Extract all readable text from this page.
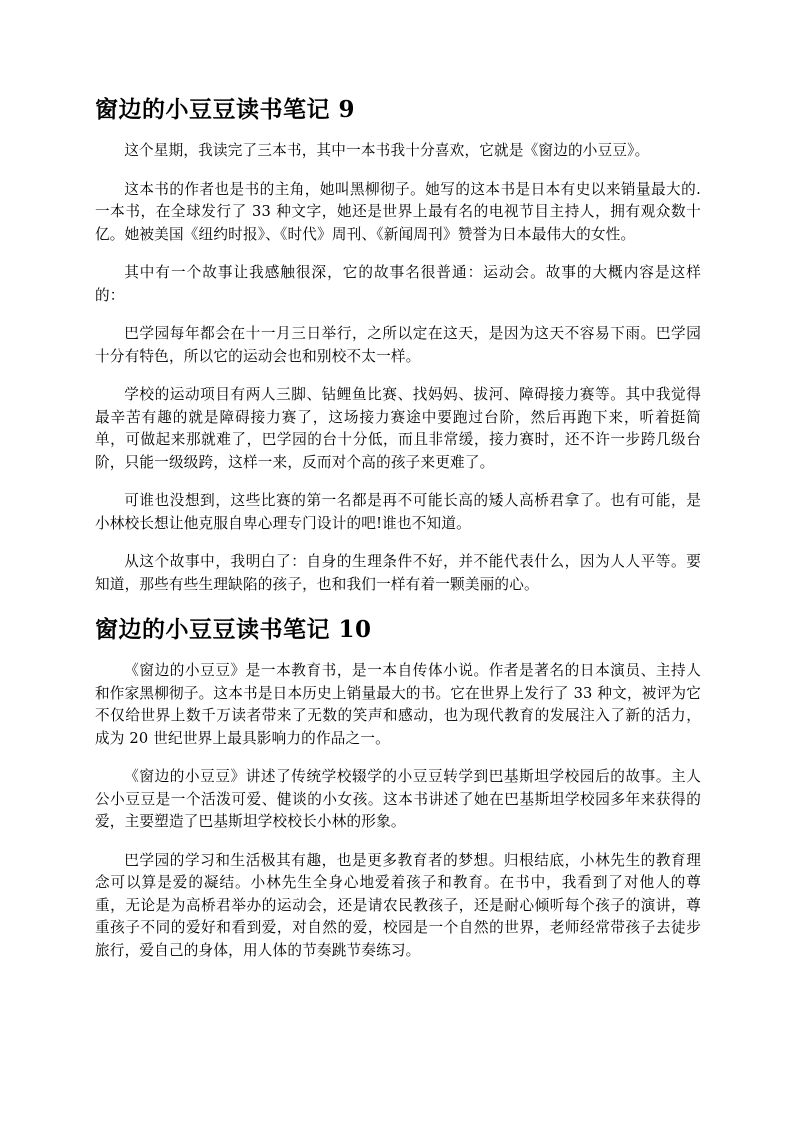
窗边的小豆豆读书笔记 9

这个星期，我读完了三本书，其中一本书我十分喜欢，它就是《窗边的小豆豆》。

这本书的作者也是书的主角，她叫黑柳彻子。她写的这本书是日本有史以来销量最大的.一本书，在全球发行了 33 种文字，她还是世界上最有名的电视节目主持人，拥有观众数十亿。她被美国《纽约时报》、《时代》周刊、《新闻周刊》赞誉为日本最伟大的女性。

其中有一个故事让我感触很深，它的故事名很普通：运动会。故事的大概内容是这样的：

巴学园每年都会在十一月三日举行，之所以定在这天，是因为这天不容易下雨。巴学园十分有特色，所以它的运动会也和别校不太一样。

学校的运动项目有两人三脚、钻鲤鱼比赛、找妈妈、拔河、障碍接力赛等。其中我觉得最辛苦有趣的就是障碍接力赛了，这场接力赛途中要跑过台阶，然后再跑下来，听着挺简单，可做起来那就难了，巴学园的台十分低，而且非常缓，接力赛时，还不许一步跨几级台阶，只能一级级跨，这样一来，反而对个高的孩子来更难了。

可谁也没想到，这些比赛的第一名都是再不可能长高的矮人高桥君拿了。也有可能，是小林校长想让他克服自卑心理专门设计的吧!谁也不知道。

从这个故事中，我明白了：自身的生理条件不好，并不能代表什么，因为人人平等。要知道，那些有些生理缺陷的孩子，也和我们一样有着一颗美丽的心。

窗边的小豆豆读书笔记 10

《窗边的小豆豆》是一本教育书，是一本自传体小说。作者是著名的日本演员、主持人和作家黑柳彻子。这本书是日本历史上销量最大的书。它在世界上发行了 33 种文，被评为它不仅给世界上数千万读者带来了无数的笑声和感动，也为现代教育的发展注入了新的活力，成为 20 世纪世界上最具影响力的作品之一。

《窗边的小豆豆》讲述了传统学校辍学的小豆豆转学到巴基斯坦学校园后的故事。主人公小豆豆是一个活泼可爱、健谈的小女孩。这本书讲述了她在巴基斯坦学校园多年来获得的爱，主要塑造了巴基斯坦学校校长小林的形象。

巴学园的学习和生活极其有趣，也是更多教育者的梦想。归根结底，小林先生的教育理念可以算是爱的凝结。小林先生全身心地爱着孩子和教育。在书中，我看到了对他人的尊重，无论是为高桥君举办的运动会，还是请农民教孩子，还是耐心倾听每个孩子的演讲，尊重孩子不同的爱好和看到爱，对自然的爱，校园是一个自然的世界，老师经常带孩子去徒步旅行，爱自己的身体，用人体的节奏跳节奏练习。
